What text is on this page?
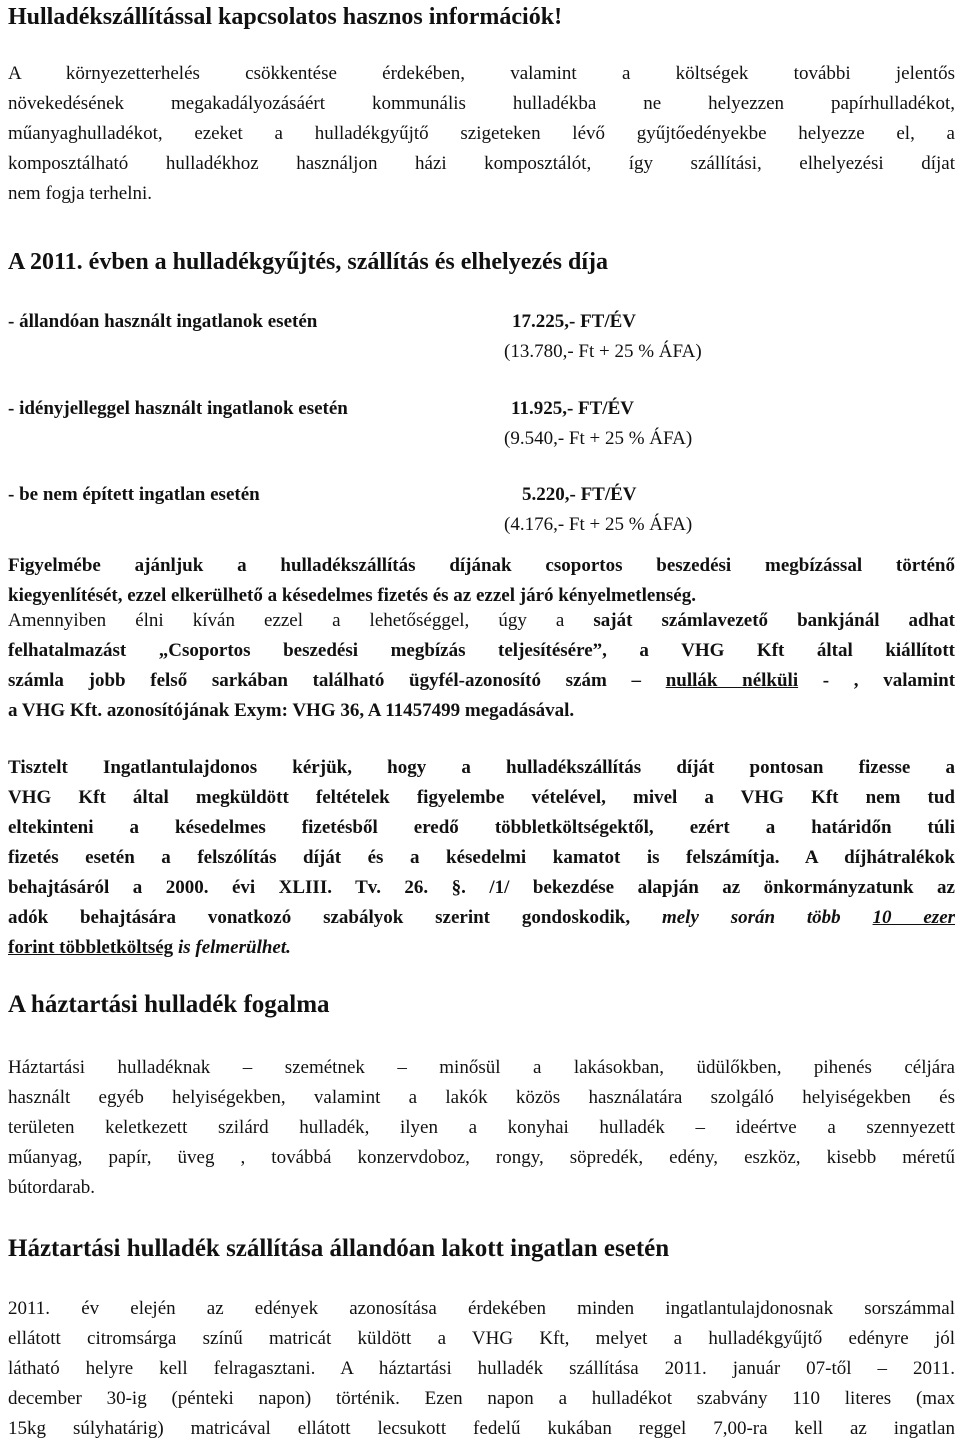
Hulladékszállítással kapcsolatos hasznos információk!
A környezetterhelés csökkentése érdekében, valamint a költségek további jelentős
növekedésének megakadályozásáért kommunális hulladékba ne helyezzen papírhulladékot,
műanyaghulladékot, ezeket a hulladékgyűjtő szigeteken lévő gyűjtőedényekbe helyezze el, a
komposztálható hulladékhoz használjon házi komposztálót, így szállítási, elhelyezési díjat
nem fogja terhelni.
A 2011. évben a hulladékgyűjtés, szállítás és elhelyezés díja
- állandóan használt ingatlanok esetén	17.225,- FT/ÉV
(13.780,- Ft + 25 % ÁFA)
- idényjelleggel használt ingatlanok esetén	11.925,- FT/ÉV
(9.540,- Ft + 25 % ÁFA)
- be nem épített ingatlan esetén	5.220,- FT/ÉV
(4.176,- Ft + 25 % ÁFA)
Figyelmébe ajánljuk a hulladékszállítás díjának csoportos beszedési megbízással történő
kiegyenlítését, ezzel elkerülhető a késedelmes fizetés és az ezzel járó kényelmetlenség.
Amennyiben élni kíván ezzel a lehetőséggel, úgy a saját számlavezető bankjánál adhat
felhatalmazást „Csoportos beszedési megbízás teljesítésére”, a VHG Kft által kiállított
számla jobb felső sarkában található ügyfél-azonosító szám – nullák nélküli - , valamint
a VHG Kft. azonosítójának Exym: VHG 36, A 11457499 megadásával.
Tisztelt Ingatlantulajdonos kérjük, hogy a hulladékszállítás díját pontosan fizesse a
VHG Kft által megküldött feltételek figyelembe vételével, mivel a VHG Kft nem tud
eltekinteni a késedelmes fizetésből eredő többletköltségektől, ezért a határidőn túli
fizetés esetén a felszólítás díját és a késedelmi kamatot is felszámítja. A díjhátralékok
behajtásáról a 2000. évi XLIII. Tv. 26. §. /1/ bekezdése alapján az önkormányzatunk az
adók behajtására vonatkozó szabályok szerint gondoskodik, mely során több 10 ezer
forint többletköltség is felmerülhet.
A háztartási hulladék fogalma
Háztartási hulladéknak – szemétnek – minősül a lakásokban, üdülőkben, pihenés céljára
használt egyéb helyiségekben, valamint a lakók közös használatára szolgáló helyiségekben és
területen keletkezett szilárd hulladék, ilyen a konyhai hulladék – ideértve a szennyezett
műanyag, papír, üveg , továbbá konzervdoboz, rongy, söpredék, edény, eszköz, kisebb méretű
bútordarab.
Háztartási hulladék szállítása állandóan lakott ingatlan esetén
2011. év elején az edények azonosítása érdekében minden ingatlantulajdonosnak sorszámmal
ellátott citromsárga színű matricát küldött a VHG Kft, melyet a hulladékgyűjtő edényre jól
látható helyre kell felragasztani. A háztartási hulladék szállítása 2011. január 07-től – 2011.
december 30-ig (pénteki napon) történik. Ezen napon a hulladékot szabvány 110 literes (max
15kg súlyhatárig) matricával ellátott lecsukott fedelű kukában reggel 7,00-ra kell az ingatlan
